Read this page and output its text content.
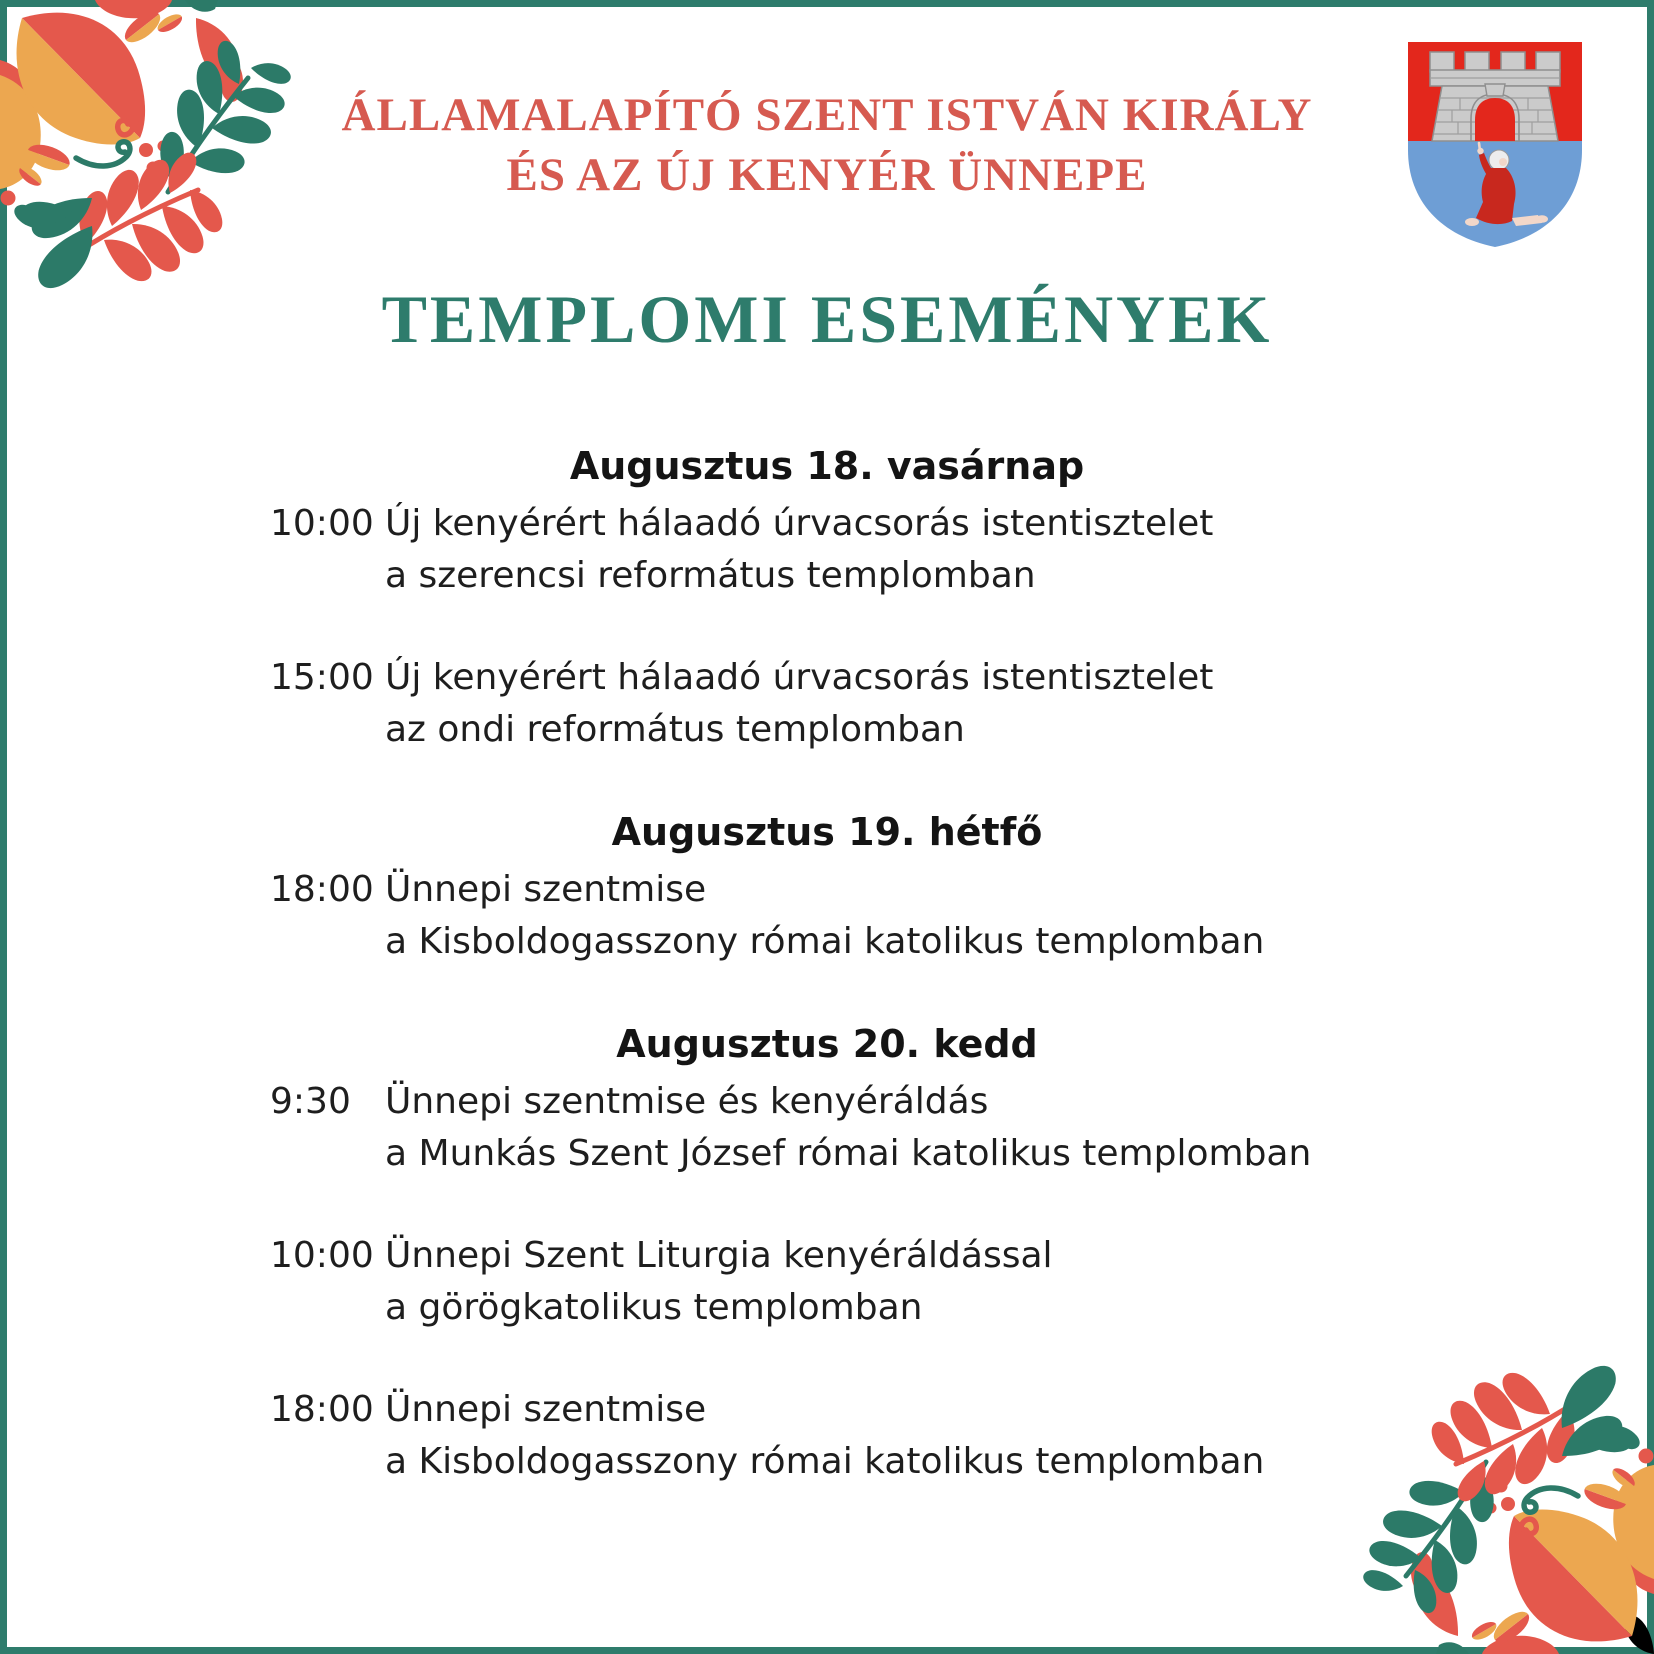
ÁLLAMALAPÍTÓ SZENT ISTVÁN KIRÁLY
ÉS AZ ÚJ KENYÉR ÜNNEPE
TEMPLOMI ESEMÉNYEK
Augusztus 18. vasárnap
10:00 Új kenyérért hálaadó úrvacsorás istentisztelet
a szerencsi református templomban
15:00 Új kenyérért hálaadó úrvacsorás istentisztelet
az ondi református templomban
Augusztus 19. hétfő
18:00 Ünnepi szentmise
a Kisboldogasszony római katolikus templomban
Augusztus 20. kedd
9:30 Ünnepi szentmise és kenyéráldás
a Munkás Szent József római katolikus templomban
10:00 Ünnepi Szent Liturgia kenyéráldással
a görögkatolikus templomban
18:00 Ünnepi szentmise
a Kisboldogasszony római katolikus templomban
